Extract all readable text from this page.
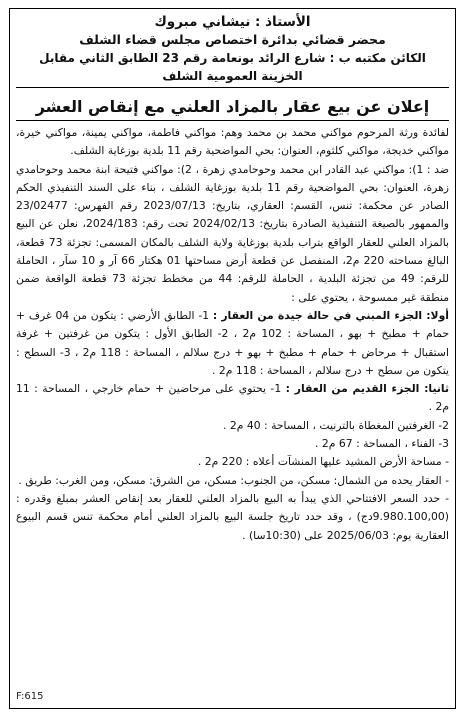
الأستاذ : نيشاني مبروك
محضر قضائي بدائرة اختصاص مجلس قضاء الشلف
الكائن مكتبه ب : شارع الرائد بونعامة رقم 23 الطابق الثاني مقابل
الخزينة العمومية الشلف
إعلان عن بيع عقار بالمزاد العلني مع إنقاص العشر

لفائدة ورثة المرحوم مواكني محمد بن محمد وهم: مواكني فاطمة، مواكني يمينة، مواكني خيرة، مواكني خديجة، مواكني كلثوم، العنوان: بحي المواضحية رقم 11 بلدية بوزغاية الشلف.

ضد : 1): مواكني عبد القادر ابن محمد وحوحامدي زهرة ، 2): مواكني فتيحة ابنة محمد وحوحامدي زهرة، العنوان: بحي المواضحية رقم 11 بلدية بوزغاية الشلف ، بناء على السند التنفيذي الحكم الصادر عن محكمة: تنس، القسم: العقاري، بتاريخ: 2023/07/13 رقم الفهرس: 23/02477 والممهور بالصيغة التنفيذية الصادرة بتاريخ: 2024/02/13 تحت رقم: 2024/183، نعلن عن البيع بالمزاد العلني للعقار الواقع بتراب بلدية بوزغاية ولاية الشلف بالمكان المسمى: تجزئة 73 قطعة، البالغ مساحته 220 م2، المنفصل عن قطعة أرض مساحتها 01 هكتار 66 آر و 10 سآر ، الحاملة للرقم: 49 من تجزئة البلدية ، الحاملة للرقم: 44 من مخطط تجزئة 73 قطعة الواقعة ضمن منطقة غير ممسوحة ، يحتوي على :

أولا: الجزء المبني في حالة جيدة من العقار : 1- الطابق الأرضي : يتكون من 04 غرف + حمام + مطبخ + بهو ، المساحة : 102 م2 ، 2- الطابق الأول : يتكون من غرفتين + غرفة استقبال + مرحاض + حمام + مطبخ + بهو + درج سلالم ، المساحة : 118 م2 ، 3- السطح : يتكون من سطح + درج سلالم ، المساحة : 118 م2 .

ثانيا: الجزء القديم من العقار : 1- يحتوي على مرحاضين + حمام خارجي ، المساحة : 11 م2 .

2- الغرفتين المغطاة بالترنيت ، المساحة : 40 م2 .

3- الفناء ، المساحة : 67 م2 .

- مساحة الأرض المشيد عليها المنشآت أعلاه : 220 م2 .

- العقار يحده من الشمال: مسكن، من الجنوب: مسكن، من الشرق: مسكن، ومن الغرب: طريق .

- حدد السعر الافتتاحي الذي يبدأ به البيع بالمزاد العلني للعقار بعد إنقاص العشر بمبلغ وقدره : (9.980.100,00دج) ، وقد حدد تاريخ جلسة البيع بالمزاد العلني أمام محكمة تنس قسم البيوع العقارية يوم: 2025/06/03 على (10:30سا) .

F:615
